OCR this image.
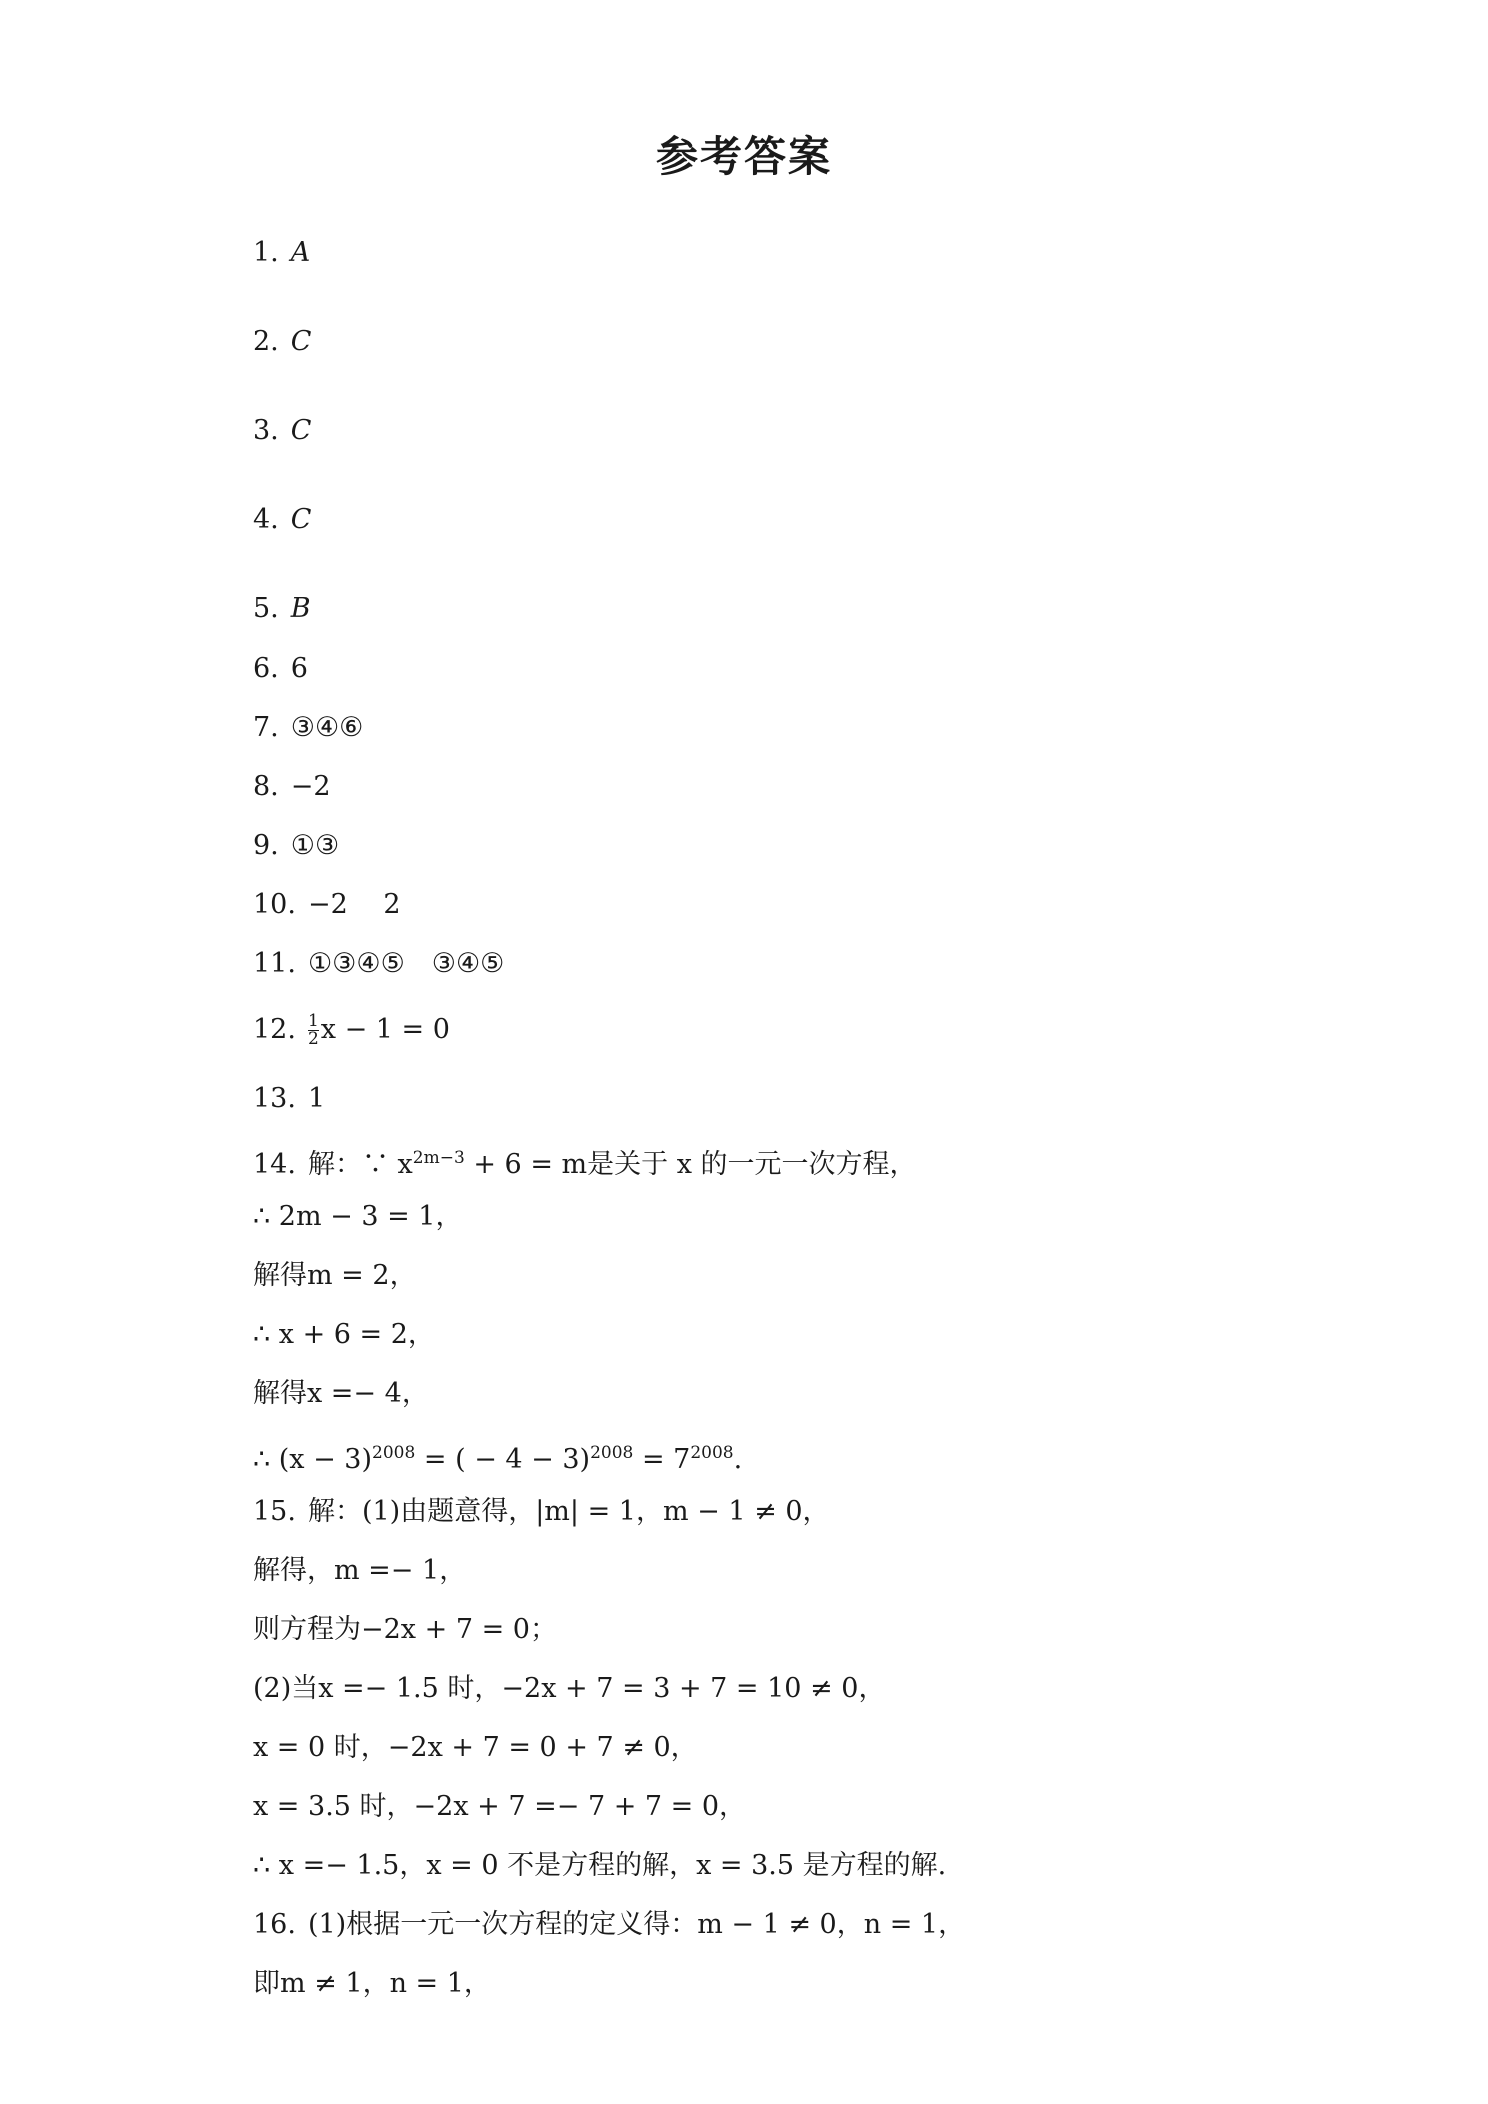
参考答案
1. A
2. C
3. C
4. C
5. B
6. 6
7. ③④⑥
8. −2
9. ①③
10. −2　 2
11. ①③④⑤　③④⑤
12. $\frac{1}{2}$ x − 1 = 0
13. 1
14. 解：∵ $x^{2m-3} + 6 = m$是关于 x 的一元一次方程，
∴ 2m − 3 = 1，
解得m = 2，
∴ x + 6 = 2，
解得x =− 4，
∴ $(x - 3)^{2008}$ = ( − $4 - 3)^{2008} = 7^{2008}$.
15. 解：(1)由题意得，|m| = 1，m − 1 ≠ 0，
解得，m =− 1，
则方程为−2x + 7 = 0；
(2)当x =− 1.5 时，−2x + 7 = 3 + 7 = 10 ≠ 0，
x = 0 时，−2x + 7 = 0 + 7 ≠ 0，
x = 3.5 时，−2x + 7 =− 7 + 7 = 0，
∴ x =− 1.5，x = 0 不是方程的解，x = 3.5 是方程的解.
16. (1)根据一元一次方程的定义得：m − 1 ≠ 0，n = 1，
即m ≠ 1，n = 1，
